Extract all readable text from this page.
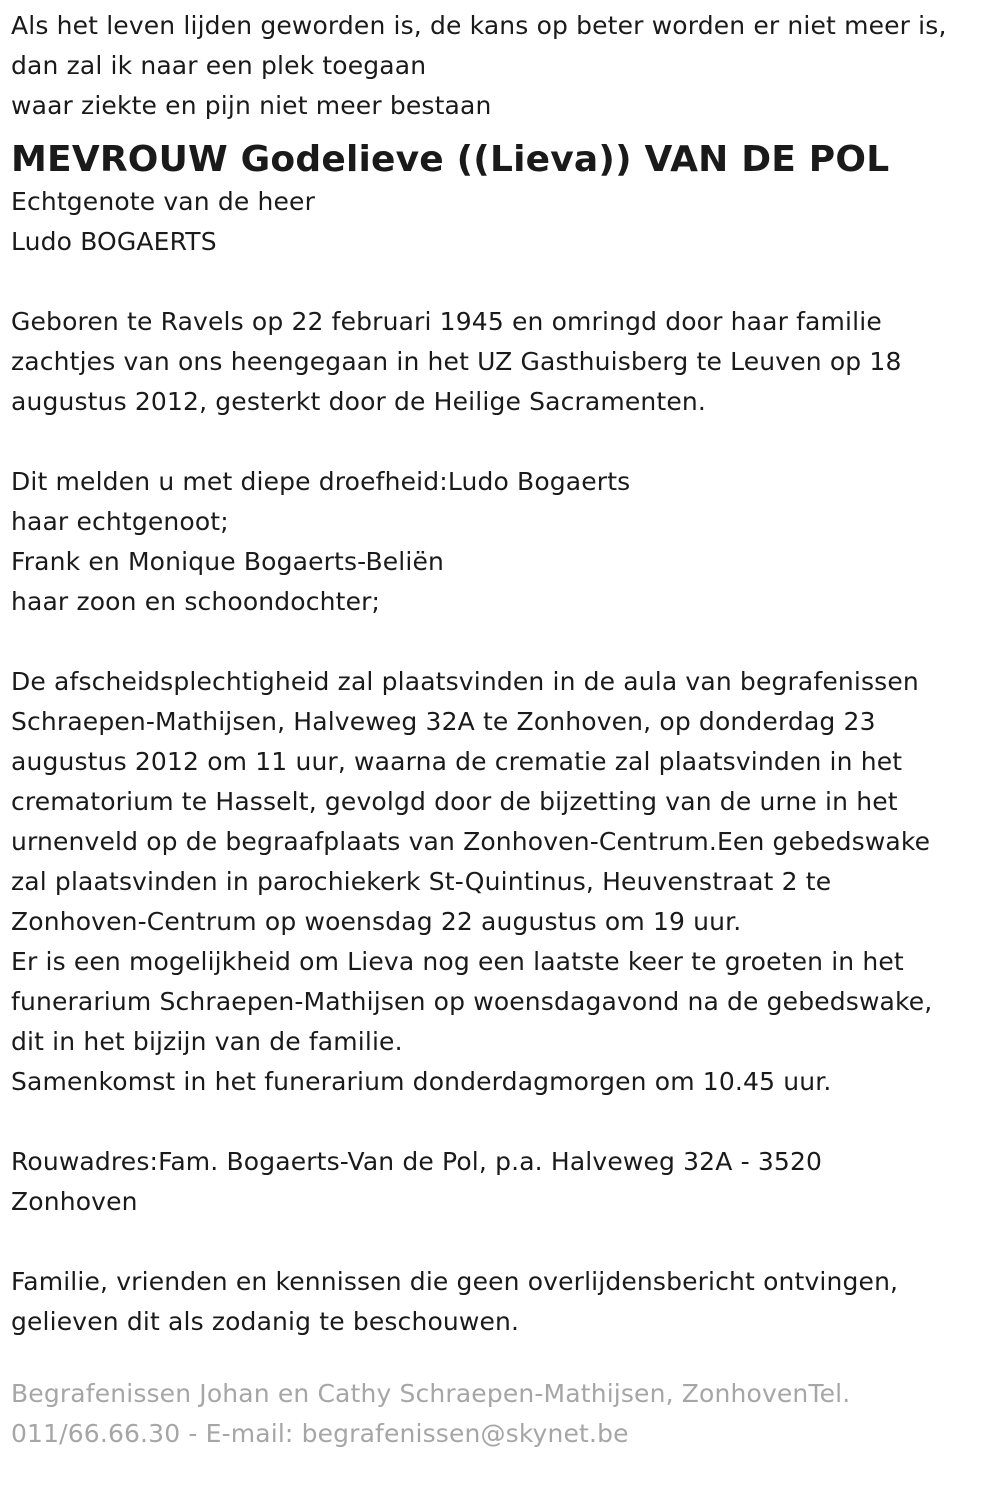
Als het leven lijden geworden is, de kans op beter worden er niet meer is,
dan zal ik naar een plek toegaan
waar ziekte en pijn niet meer bestaan
MEVROUW Godelieve ((Lieva)) VAN DE POL
Echtgenote van de heer
Ludo BOGAERTS
Geboren te Ravels op 22 februari 1945 en omringd door haar familie
zachtjes van ons heengegaan in het UZ Gasthuisberg te Leuven op 18
augustus 2012, gesterkt door de Heilige Sacramenten.
Dit melden u met diepe droefheid:Ludo Bogaerts
haar echtgenoot;
Frank en Monique Bogaerts-Beliën
haar zoon en schoondochter;
De afscheidsplechtigheid zal plaatsvinden in de aula van begrafenissen
Schraepen-Mathijsen, Halveweg 32A te Zonhoven, op donderdag 23
augustus 2012 om 11 uur, waarna de crematie zal plaatsvinden in het
crematorium te Hasselt, gevolgd door de bijzetting van de urne in het
urnenveld op de begraafplaats van Zonhoven-Centrum.Een gebedswake
zal plaatsvinden in parochiekerk St-Quintinus, Heuvenstraat 2 te
Zonhoven-Centrum op woensdag 22 augustus om 19 uur.
Er is een mogelijkheid om Lieva nog een laatste keer te groeten in het
funerarium Schraepen-Mathijsen op woensdagavond na de gebedswake,
dit in het bijzijn van de familie.
Samenkomst in het funerarium donderdagmorgen om 10.45 uur.
Rouwadres:Fam. Bogaerts-Van de Pol, p.a. Halveweg 32A - 3520
Zonhoven
Familie, vrienden en kennissen die geen overlijdensbericht ontvingen,
gelieven dit als zodanig te beschouwen.
Begrafenissen Johan en Cathy Schraepen-Mathijsen, ZonhovenTel.
011/66.66.30 - E-mail: begrafenissen@skynet.be
